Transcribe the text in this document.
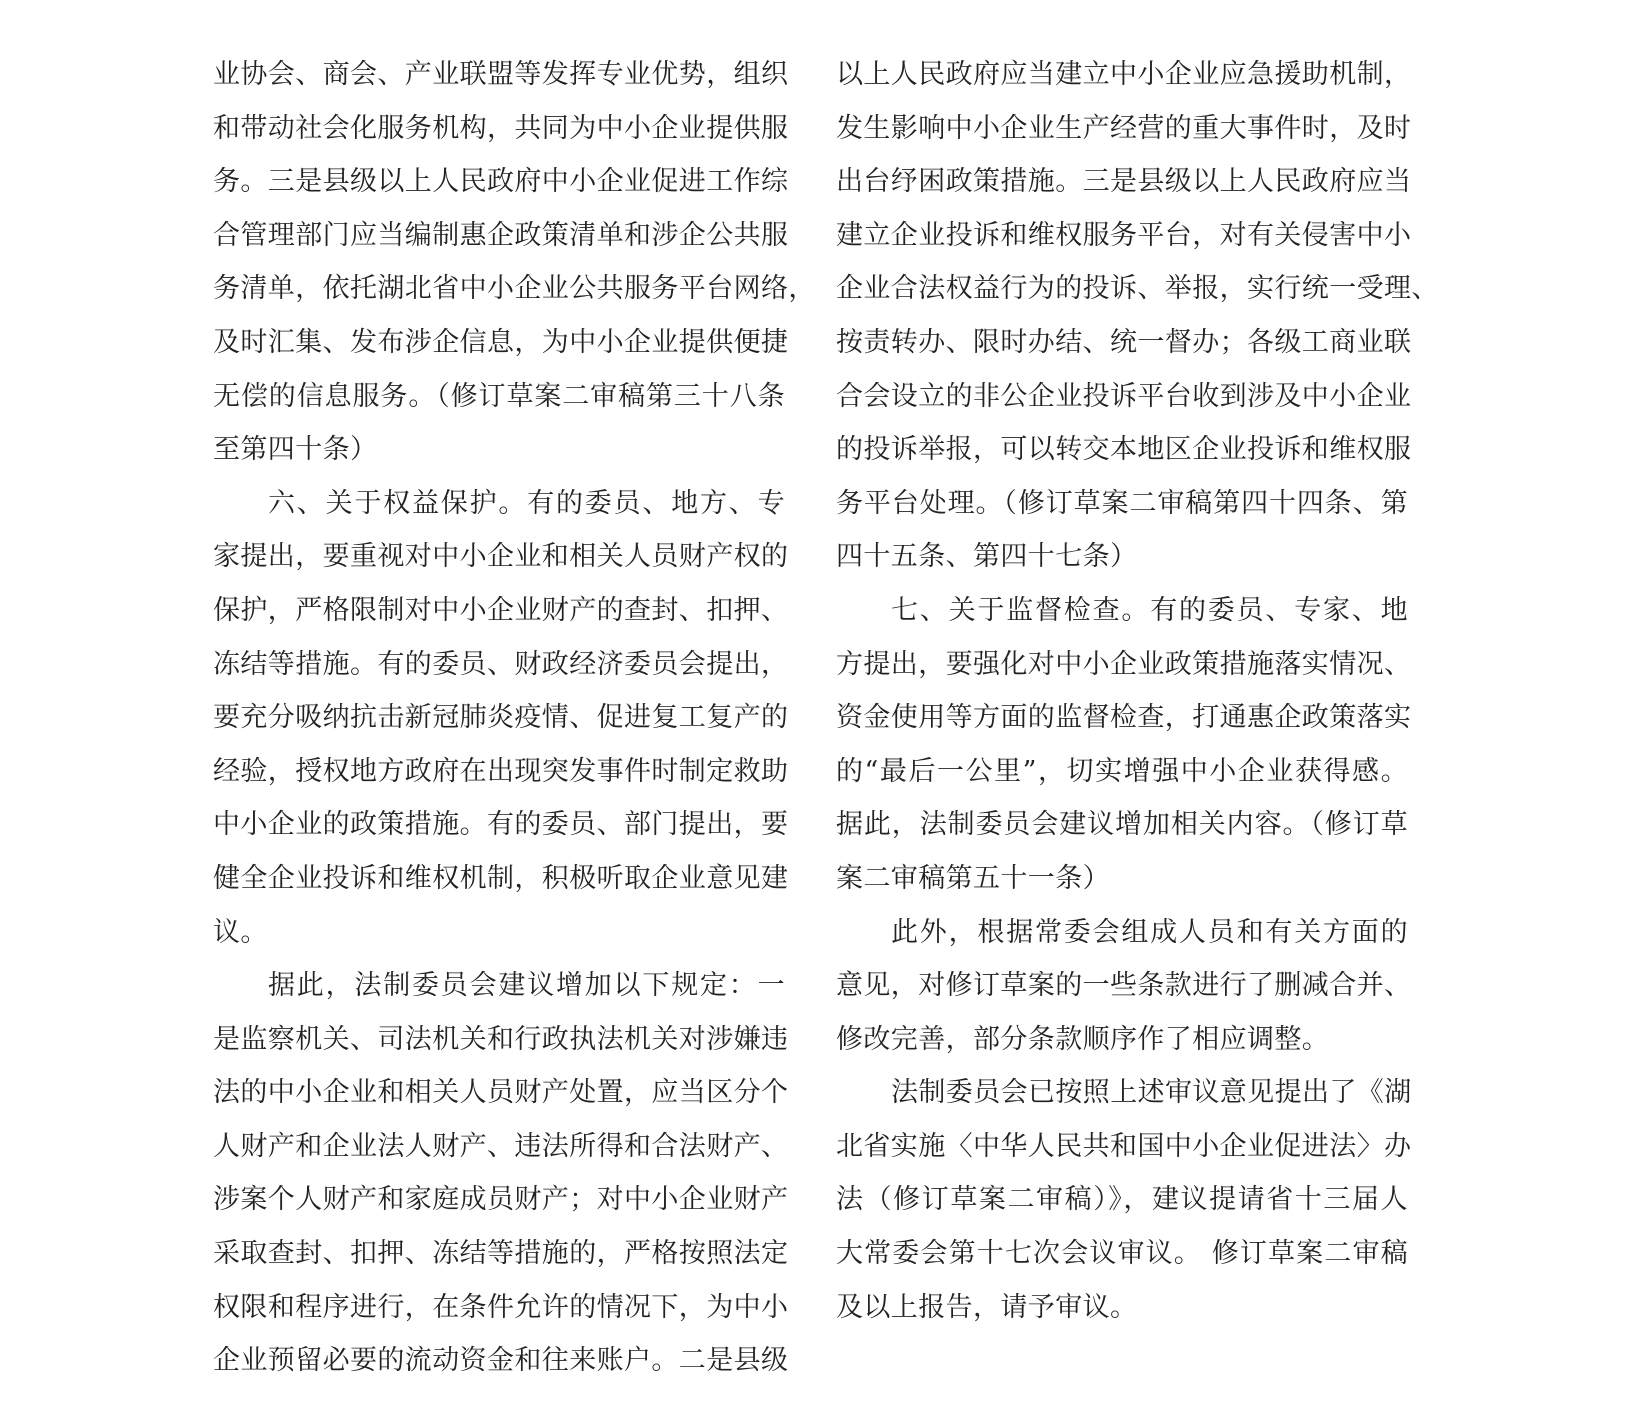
业协会、商会、产业联盟等发挥专业优势，组织
和带动社会化服务机构，共同为中小企业提供服
务。三是县级以上人民政府中小企业促进工作综
合管理部门应当编制惠企政策清单和涉企公共服
务清单，依托湖北省中小企业公共服务平台网络，
及时汇集、发布涉企信息，为中小企业提供便捷
无偿的信息服务。（修订草案二审稿第三十八条
至第四十条）
六、关于权益保护。有的委员、地方、专
家提出，要重视对中小企业和相关人员财产权的
保护，严格限制对中小企业财产的查封、扣押、
冻结等措施。有的委员、财政经济委员会提出，
要充分吸纳抗击新冠肺炎疫情、促进复工复产的
经验，授权地方政府在出现突发事件时制定救助
中小企业的政策措施。有的委员、部门提出，要
健全企业投诉和维权机制，积极听取企业意见建
议。
据此，法制委员会建议增加以下规定：一
是监察机关、司法机关和行政执法机关对涉嫌违
法的中小企业和相关人员财产处置，应当区分个
人财产和企业法人财产、违法所得和合法财产、
涉案个人财产和家庭成员财产；对中小企业财产
采取查封、扣押、冻结等措施的，严格按照法定
权限和程序进行，在条件允许的情况下，为中小
企业预留必要的流动资金和往来账户。二是县级
以上人民政府应当建立中小企业应急援助机制，
发生影响中小企业生产经营的重大事件时，及时
出台纾困政策措施。三是县级以上人民政府应当
建立企业投诉和维权服务平台，对有关侵害中小
企业合法权益行为的投诉、举报，实行统一受理、
按责转办、限时办结、统一督办；各级工商业联
合会设立的非公企业投诉平台收到涉及中小企业
的投诉举报，可以转交本地区企业投诉和维权服
务平台处理。（修订草案二审稿第四十四条、第
四十五条、第四十七条）
七、关于监督检查。有的委员、专家、地
方提出，要强化对中小企业政策措施落实情况、
资金使用等方面的监督检查，打通惠企政策落实
的“最后一公里”，切实增强中小企业获得感。
据此，法制委员会建议增加相关内容。（修订草
案二审稿第五十一条）
此外，根据常委会组成人员和有关方面的
意见，对修订草案的一些条款进行了删减合并、
修改完善，部分条款顺序作了相应调整。
法制委员会已按照上述审议意见提出了《湖
北省实施〈中华人民共和国中小企业促进法〉办
法（修订草案二审稿）》，建议提请省十三届人
大常委会第十七次会议审议。 修订草案二审稿
及以上报告，请予审议。
